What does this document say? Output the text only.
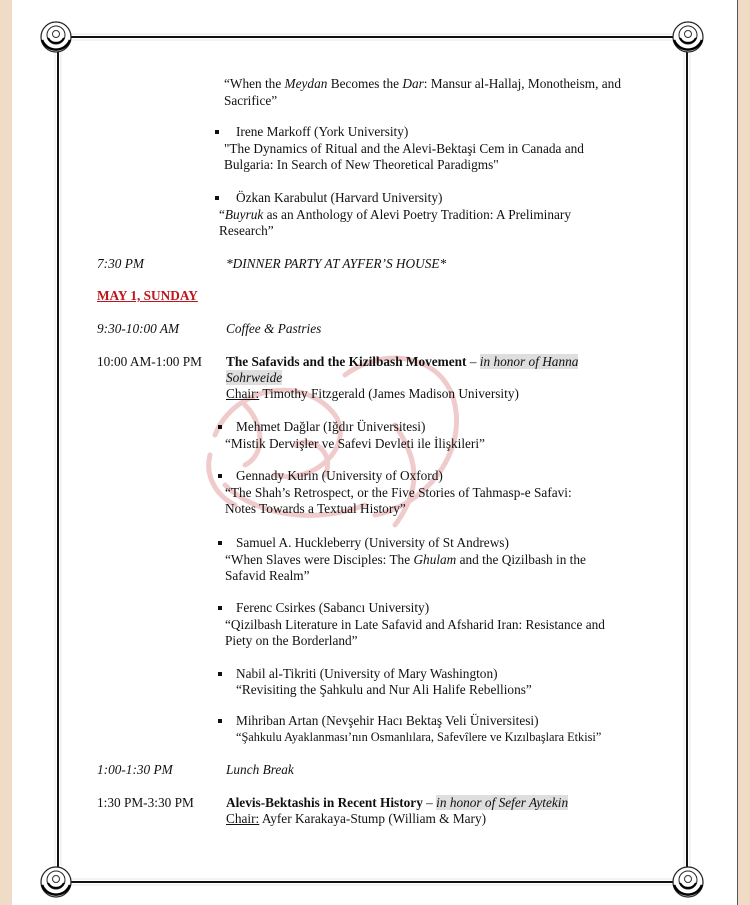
“When the Meydan Becomes the Dar: Mansur al-Hallaj, Monotheism, and
Sacrifice”
Irene Markoff (York University)
"The Dynamics of Ritual and the Alevi-Bektaşi Cem in Canada and
Bulgaria: In Search of New Theoretical Paradigms"
Özkan Karabulut (Harvard University)
“Buyruk as an Anthology of Alevi Poetry Tradition: A Preliminary
Research”
7:30 PM	*DINNER PARTY AT AYFER’S HOUSE*
MAY 1, SUNDAY
9:30-10:00 AM	Coffee & Pastries
10:00 AM-1:00 PM The Safavids and the Kizilbash Movement – in honor of Hanna
Sohrweide
Chair: Timothy Fitzgerald (James Madison University)
Mehmet Dağlar (Iğdır Üniversitesi)
“Mistik Dervişler ve Safevi Devleti ile İlişkileri”
Gennady Kurin (University of Oxford)
“The Shah’s Retrospect, or the Five Stories of Tahmasp-e Safavi:
Notes Towards a Textual History”
Samuel A. Huckleberry (University of St Andrews)
“When Slaves were Disciples: The Ghulam and the Qizilbash in the
Safavid Realm”
Ferenc Csirkes (Sabancı University)
“Qizilbash Literature in Late Safavid and Afsharid Iran: Resistance and
Piety on the Borderland”
Nabil al-Tikriti (University of Mary Washington)
“Revisiting the Şahkulu and Nur Ali Halife Rebellions”
Mihriban Artan (Nevşehir Hacı Bektaş Veli Üniversitesi)
“Şahkulu Ayaklanması’nın Osmanlılara, Safevîlere ve Kızılbaşlara Etkisi”
1:00-1:30 PM	Lunch Break
1:30 PM-3:30 PM Alevis-Bektashis in Recent History – in honor of Sefer Aytekin
Chair: Ayfer Karakaya-Stump (William & Mary)
